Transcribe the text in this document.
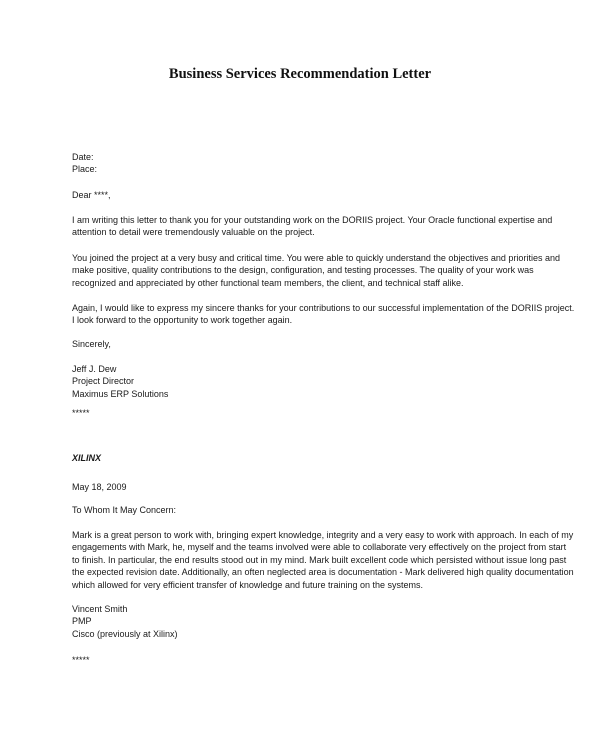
Business Services Recommendation Letter
Date:
Place:
Dear ****,
I am writing this letter to thank you for your outstanding work on the DORIIS project. Your Oracle functional expertise and
attention to detail were tremendously valuable on the project.
You joined the project at a very busy and critical time. You were able to quickly understand the objectives and priorities and
make positive, quality contributions to the design, configuration, and testing processes. The quality of your work was
recognized and appreciated by other functional team members, the client, and technical staff alike.
Again, I would like to express my sincere thanks for your contributions to our successful implementation of the DORIIS project.
I look forward to the opportunity to work together again.
Sincerely,
Jeff J. Dew
Project Director
Maximus ERP Solutions
*****
XILINX
May 18, 2009
To Whom It May Concern:
Mark is a great person to work with, bringing expert knowledge, integrity and a very easy to work with approach. In each of my
engagements with Mark, he, myself and the teams involved were able to collaborate very effectively on the project from start
to finish. In particular, the end results stood out in my mind. Mark built excellent code which persisted without issue long past
the expected revision date. Additionally, an often neglected area is documentation - Mark delivered high quality documentation
which allowed for very efficient transfer of knowledge and future training on the systems.
Vincent Smith
PMP
Cisco (previously at Xilinx)
*****
